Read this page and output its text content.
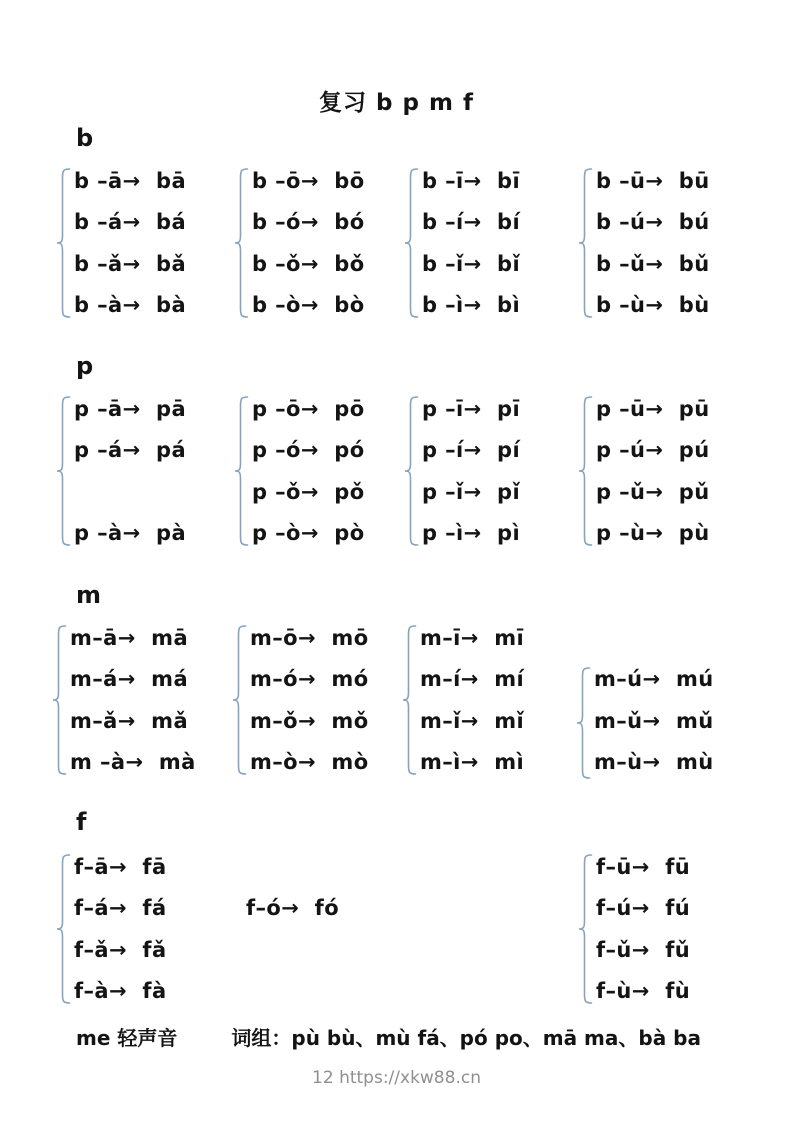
复习 b p m f
b
b –ā→  bā
b –á→  bá
b –ǎ→  bǎ
b –à→  bà
b –ō→  bō
b –ó→  bó
b –ǒ→  bǒ
b –ò→  bò
b –ī→  bī
b –í→  bí
b –ǐ→  bǐ
b –ì→  bì
b –ū→  bū
b –ú→  bú
b –ǔ→  bǔ
b –ù→  bù
p
p –ā→  pā
p –á→  pá
p –à→  pà
p –ō→  pō
p –ó→  pó
p –ǒ→  pǒ
p –ò→  pò
p –ī→  pī
p –í→  pí
p –ǐ→  pǐ
p –ì→  pì
p –ū→  pū
p –ú→  pú
p –ǔ→  pǔ
p –ù→  pù
m
m–ā→  mā
m–á→  má
m–ǎ→  mǎ
m –à→  mà
m–ō→  mō
m–ó→  mó
m–ǒ→  mǒ
m–ò→  mò
m–ī→  mī
m–í→  mí
m–ǐ→  mǐ
m–ì→  mì
m–ú→  mú
m–ǔ→  mǔ
m–ù→  mù
f
f–ā→  fā
f–á→  fá
f–ǎ→  fǎ
f–à→  fà
f–ó→  fó
f–ū→  fū
f–ú→  fú
f–ǔ→  fǔ
f–ù→  fù
me 轻声音	词组：pù bù、mù fá、pó po、mā ma、bà ba
12 https://xkw88.cn
